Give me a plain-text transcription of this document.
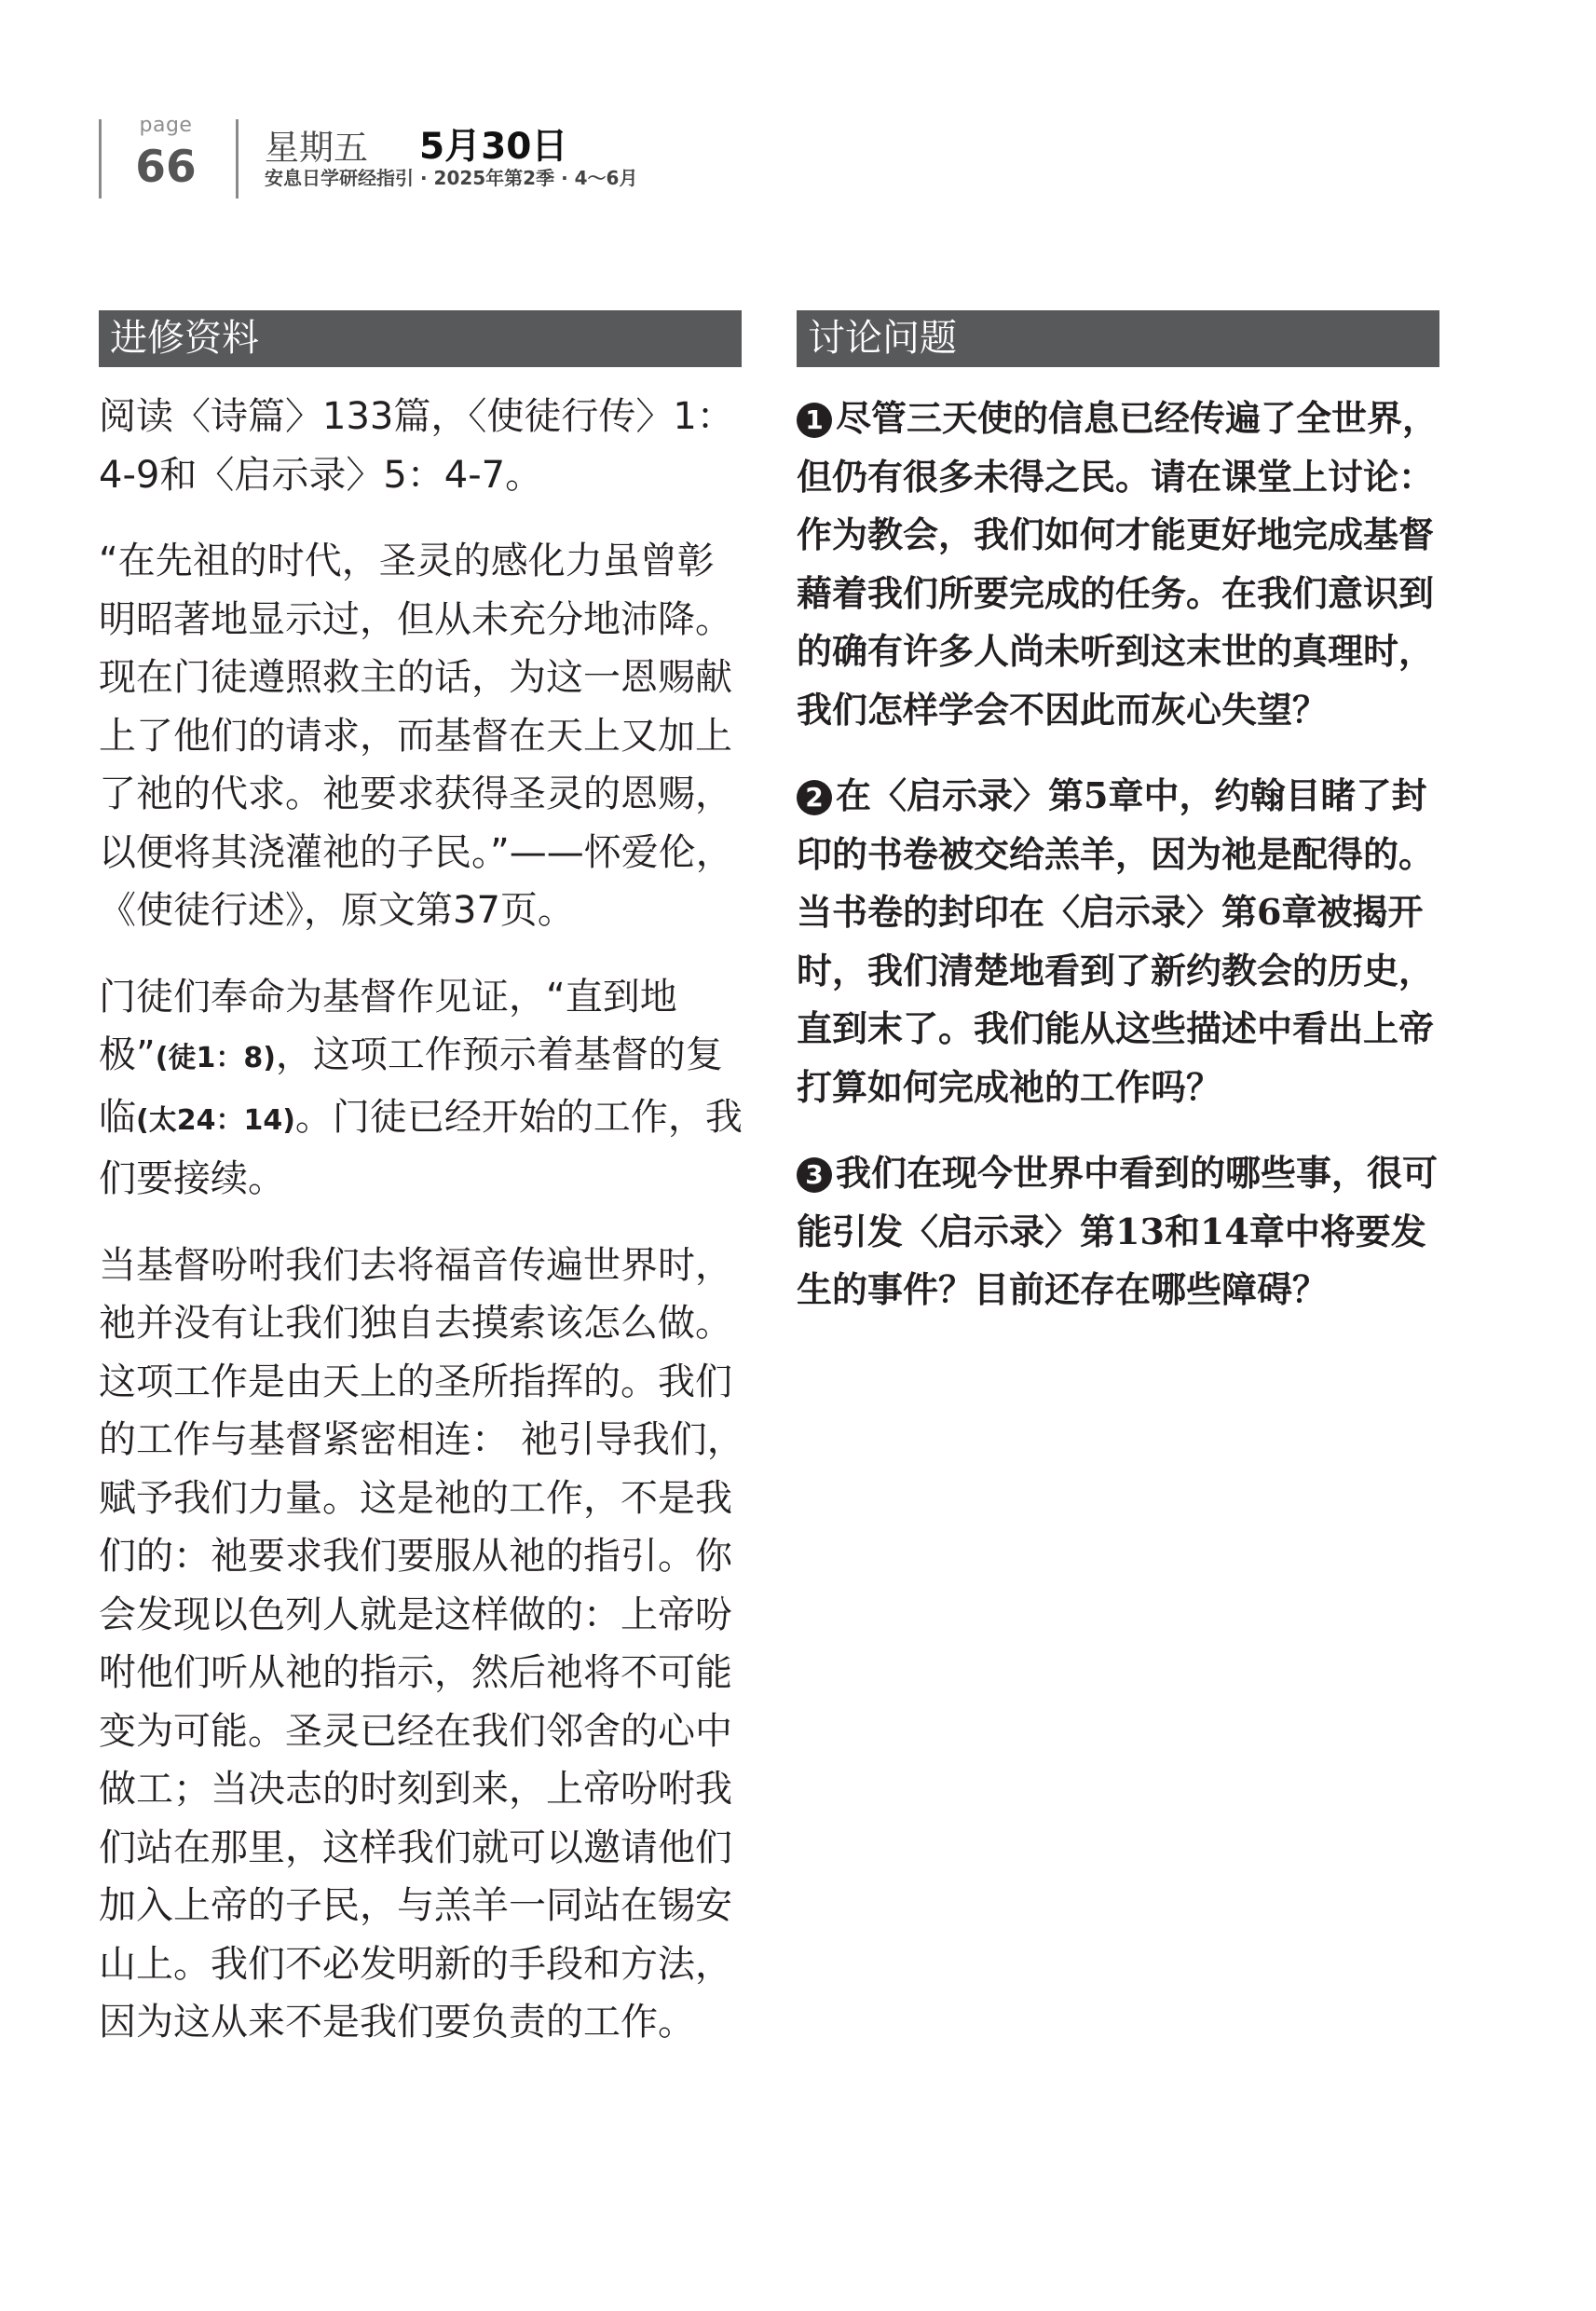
page
66	星期五 5月30日
安息日学研经指引 · 2025年第2季 · 4～6月
进修资料	讨论问题

阅读〈诗篇〉133篇，〈使徒行传〉1：4-9和〈启示录〉5：4-7。

“在先祖的时代，圣灵的感化力虽曾彰明昭著地显示过，但从未充分地沛降。现在门徒遵照救主的话，为这一恩赐献上了他们的请求，而基督在天上又加上了祂的代求。祂要求获得圣灵的恩赐，以便将其浇灌祂的子民。”——怀爱伦，《使徒行述》，原文第37页。

门徒们奉命为基督作见证，“直到地极”(徒1：8)，这项工作预示着基督的复临(太24：14)。门徒已经开始的工作，我们要接续。

当基督吩咐我们去将福音传遍世界时，祂并没有让我们独自去摸索该怎么做。这项工作是由天上的圣所指挥的。我们的工作与基督紧密相连： 祂引导我们，赋予我们力量。这是祂的工作，不是我们的：祂要求我们要服从祂的指引。你会发现以色列人就是这样做的：上帝吩咐他们听从祂的指示，然后祂将不可能变为可能。圣灵已经在我们邻舍的心中做工；当决志的时刻到来，上帝吩咐我们站在那里，这样我们就可以邀请他们加入上帝的子民，与羔羊一同站在锡安山上。我们不必发明新的手段和方法，因为这从来不是我们要负责的工作。

1 尽管三天使的信息已经传遍了全世界，但仍有很多未得之民。请在课堂上讨论：作为教会，我们如何才能更好地完成基督藉着我们所要完成的任务。在我们意识到的确有许多人尚未听到这末世的真理时，我们怎样学会不因此而灰心失望？

2 在〈启示录〉第5章中，约翰目睹了封印的书卷被交给羔羊，因为祂是配得的。当书卷的封印在〈启示录〉第6章被揭开时，我们清楚地看到了新约教会的历史，直到末了。我们能从这些描述中看出上帝打算如何完成祂的工作吗？

3 我们在现今世界中看到的哪些事，很可能引发〈启示录〉第13和14章中将要发生的事件？目前还存在哪些障碍？
